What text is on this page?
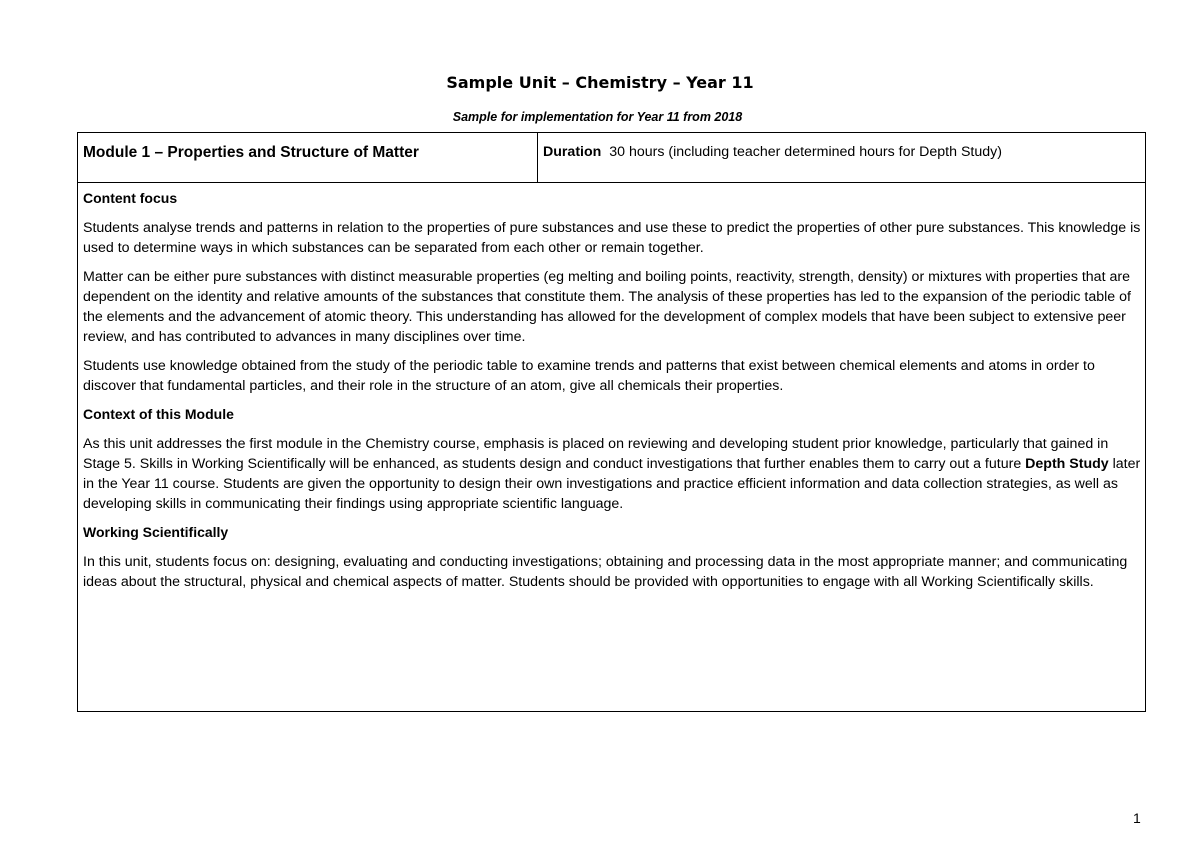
Sample Unit – Chemistry – Year 11
Sample for implementation for Year 11 from 2018
Module 1 – Properties and Structure of Matter	Duration 30 hours (including teacher determined hours for Depth Study)

Content focus

Students analyse trends and patterns in relation to the properties of pure substances and use these to predict the properties of other pure substances. This knowledge is used to determine ways in which substances can be separated from each other or remain together.

Matter can be either pure substances with distinct measurable properties (eg melting and boiling points, reactivity, strength, density) or mixtures with properties that are dependent on the identity and relative amounts of the substances that constitute them. The analysis of these properties has led to the expansion of the periodic table of the elements and the advancement of atomic theory. This understanding has allowed for the development of complex models that have been subject to extensive peer review, and has contributed to advances in many disciplines over time.

Students use knowledge obtained from the study of the periodic table to examine trends and patterns that exist between chemical elements and atoms in order to discover that fundamental particles, and their role in the structure of an atom, give all chemicals their properties.

Context of this Module

As this unit addresses the first module in the Chemistry course, emphasis is placed on reviewing and developing student prior knowledge, particularly that gained in Stage 5. Skills in Working Scientifically will be enhanced, as students design and conduct investigations that further enables them to carry out a future Depth Study later in the Year 11 course. Students are given the opportunity to design their own investigations and practice efficient information and data collection strategies, as well as developing skills in communicating their findings using appropriate scientific language.

Working Scientifically

In this unit, students focus on: designing, evaluating and conducting investigations; obtaining and processing data in the most appropriate manner; and communicating ideas about the structural, physical and chemical aspects of matter. Students should be provided with opportunities to engage with all Working Scientifically skills.

1
